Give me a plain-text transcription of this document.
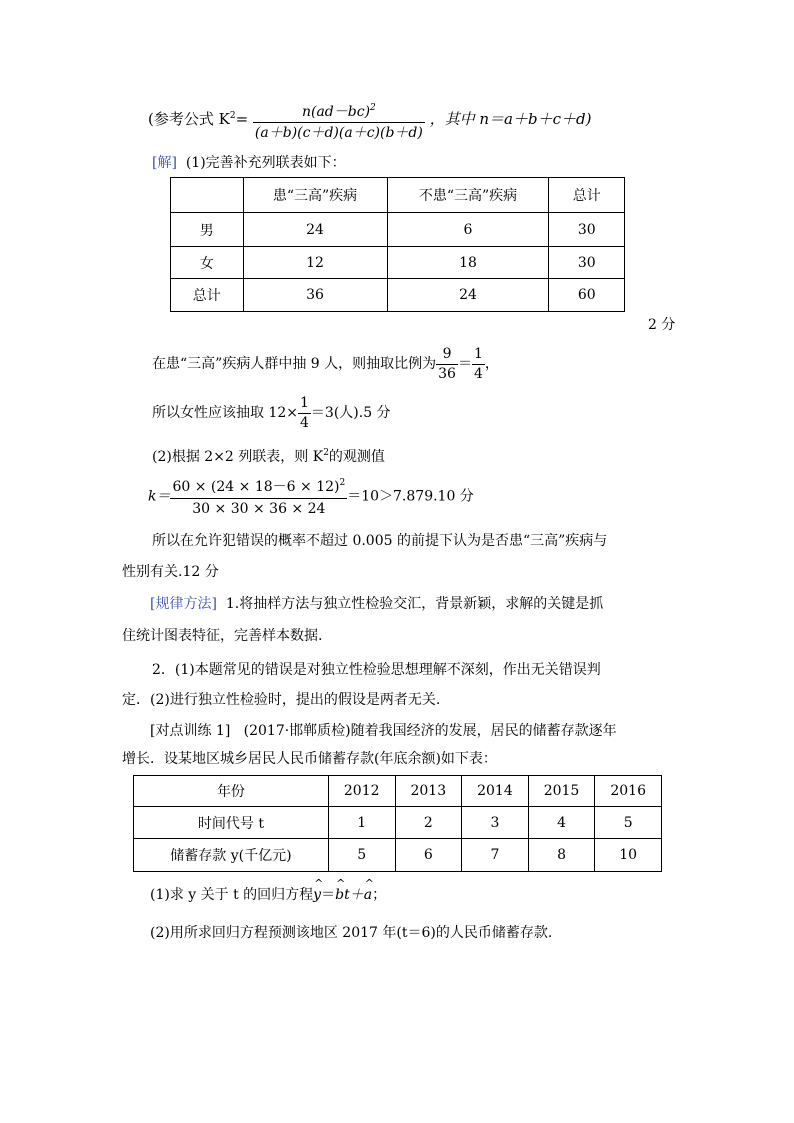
(参考公式 $K^2= \frac{n(ad-bc)^2}{(a+b)(c+d)(a+c)(b+d)}$ ，其中 n＝a＋b＋c＋d)
[解] (1)完善补充列联表如下：
	患“三高”疾病	不患“三高”疾病	总计
男	24	6	30
女	12	18	30
总计	36	24	60
2 分
在患“三高”疾病人群中抽 9 人，则抽取比例为 $\frac{9}{36} = \frac{1}{4}$ ，
所以女性应该抽取 $12\times \frac{1}{4} =3$(人).5 分
(2)根据 2×2 列联表，则 $K^2$的观测值
$k= \frac{60 \times (24 \times 18-6 \times 12)^2}{30 \times 30 \times 36 \times 24} =10>7.879.10$ 分
所以在允许犯错误的概率不超过 0.005 的前提下认为是否患“三高”疾病与
性别有关.12 分
[规律方法] 1.将抽样方法与独立性检验交汇，背景新颖，求解的关键是抓
住统计图表特征，完善样本数据.
2．(1)本题常见的错误是对独立性检验思想理解不深刻，作出无关错误判
定．(2)进行独立性检验时，提出的假设是两者无关.
[对点训练 1] (2017·邯郸质检)随着我国经济的发展，居民的储蓄存款逐年
增长．设某地区城乡居民人民币储蓄存款(年底余额)如下表：
年份	2012	2013	2014	2015	2016
时间代号 t	1	2	3	4	5
储蓄存款 y(千亿元)	5	6	7	8	10
(1)求 y 关于 t 的回归方程^ y＝^ bt＋^ a；
(2)用所求回归方程预测该地区 2017 年(t＝6)的人民币储蓄存款.
